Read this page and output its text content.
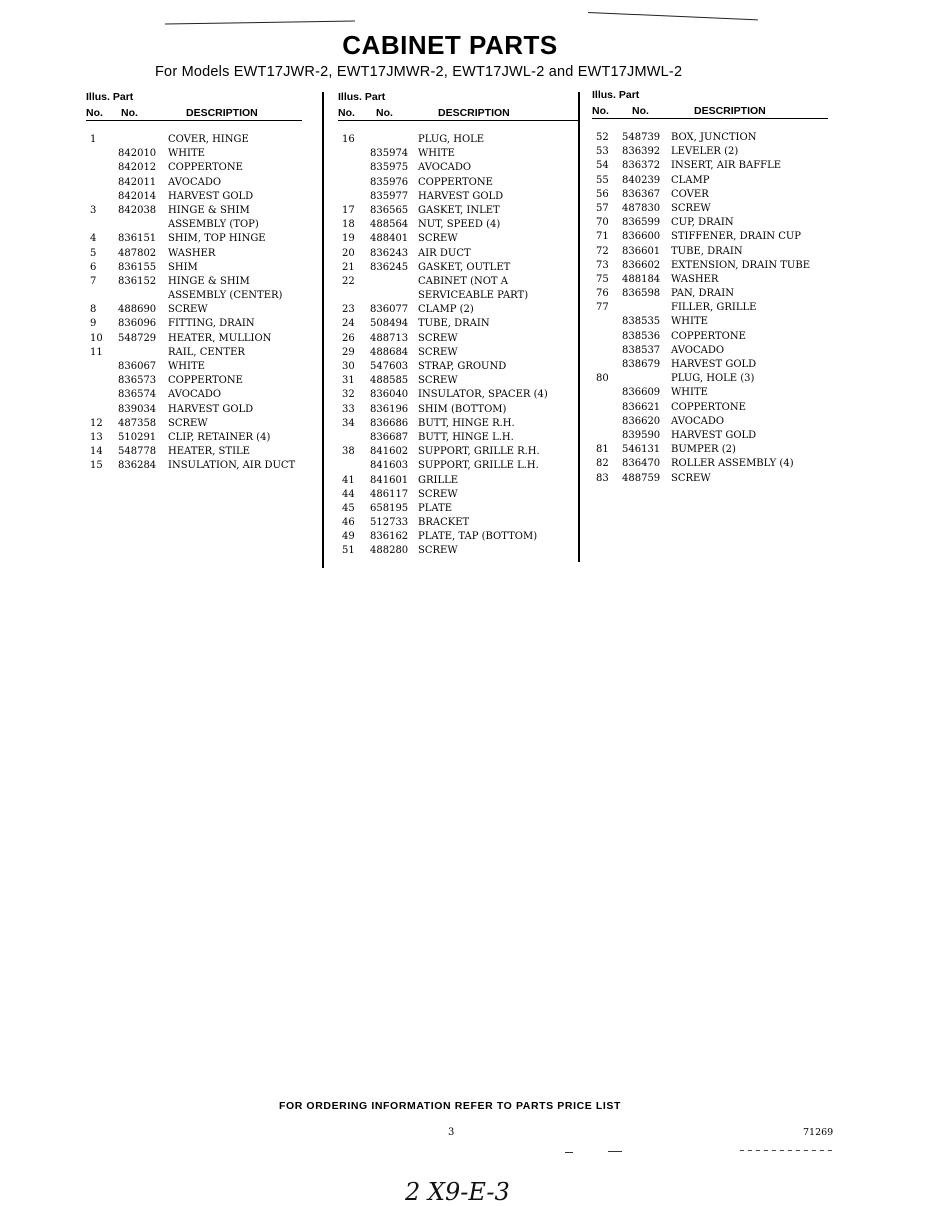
CABINET PARTS
For Models EWT17JWR-2, EWT17JMWR-2, EWT17JWL-2 and EWT17JMWL-2
Illus. Part
No. No.	DESCRIPTION
1	COVER, HINGE
842010 WHITE
842012 COPPERTONE
842011 AVOCADO
842014 HARVEST GOLD
3	842038 HINGE & SHIM
ASSEMBLY (TOP)
4	836151 SHIM, TOP HINGE
5	487802 WASHER
6	836155 SHIM
7	836152 HINGE & SHIM
ASSEMBLY (CENTER)
8	488690 SCREW
9	836096 FITTING, DRAIN
10	548729 HEATER, MULLION
11	RAIL, CENTER
836067 WHITE
836573 COPPERTONE
836574 AVOCADO
839034 HARVEST GOLD
12	487358 SCREW
13	510291 CLIP, RETAINER (4)
14	548778 HEATER, STILE
15	836284 INSULATION, AIR DUCT
Illus. Part
No. No.	DESCRIPTION
16	PLUG, HOLE
835974 WHITE
835975 AVOCADO
835976 COPPERTONE
835977 HARVEST GOLD
17	836565 GASKET, INLET
18	488564 NUT, SPEED (4)
19	488401 SCREW
20	836243 AIR DUCT
21	836245 GASKET, OUTLET
22	CABINET (NOT A
SERVICEABLE PART)
23	836077 CLAMP (2)
24	508494 TUBE, DRAIN
26	488713 SCREW
29	488684 SCREW
30	547603 STRAP, GROUND
31	488585 SCREW
32	836040 INSULATOR, SPACER (4)
33	836196 SHIM (BOTTOM)
34	836686 BUTT, HINGE R.H.
836687 BUTT, HINGE L.H.
38	841602 SUPPORT, GRILLE R.H.
841603 SUPPORT, GRILLE L.H.
41	841601 GRILLE
44	486117 SCREW
45	658195 PLATE
46	512733 BRACKET
49	836162 PLATE, TAP (BOTTOM)
51	488280 SCREW
Illus. Part
No. No.	DESCRIPTION
52	548739 BOX, JUNCTION
53	836392 LEVELER (2)
54	836372 INSERT, AIR BAFFLE
55	840239 CLAMP
56	836367 COVER
57	487830 SCREW
70	836599 CUP, DRAIN
71	836600 STIFFENER, DRAIN CUP
72	836601 TUBE, DRAIN
73	836602 EXTENSION, DRAIN TUBE
75	488184 WASHER
76	836598 PAN, DRAIN
77	FILLER, GRILLE
838535 WHITE
838536 COPPERTONE
838537 AVOCADO
838679 HARVEST GOLD
80	PLUG, HOLE (3)
836609 WHITE
836621 COPPERTONE
836620 AVOCADO
839590 HARVEST GOLD
81	546131 BUMPER (2)
82	836470 ROLLER ASSEMBLY (4)
83	488759 SCREW
FOR ORDERING INFORMATION REFER TO PARTS PRICE LIST
3	71269
2 X9-E-3
